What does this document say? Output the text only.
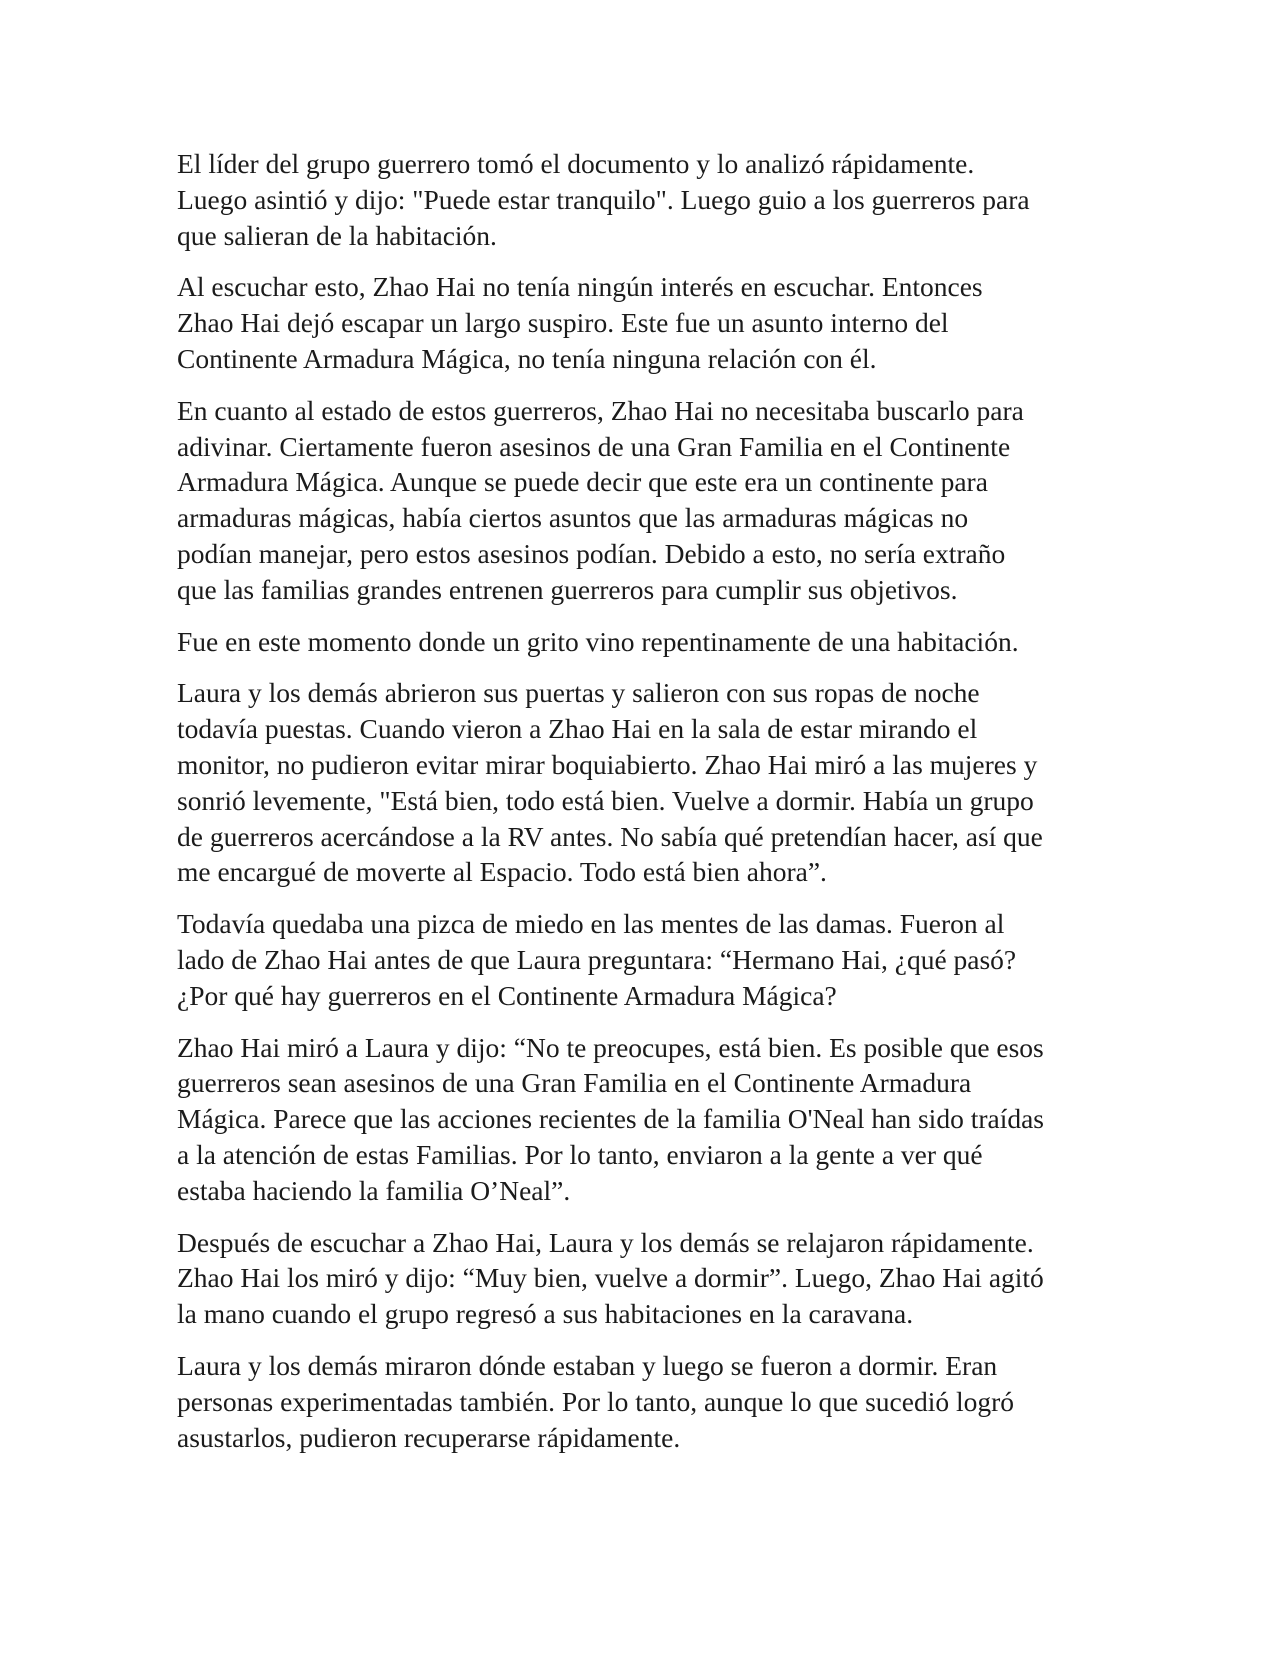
El líder del grupo guerrero tomó el documento y lo analizó rápidamente.
Luego asintió y dijo: "Puede estar tranquilo". Luego guio a los guerreros para
que salieran de la habitación.

Al escuchar esto, Zhao Hai no tenía ningún interés en escuchar. Entonces
Zhao Hai dejó escapar un largo suspiro. Este fue un asunto interno del
Continente Armadura Mágica, no tenía ninguna relación con él.

En cuanto al estado de estos guerreros, Zhao Hai no necesitaba buscarlo para
adivinar. Ciertamente fueron asesinos de una Gran Familia en el Continente
Armadura Mágica. Aunque se puede decir que este era un continente para
armaduras mágicas, había ciertos asuntos que las armaduras mágicas no
podían manejar, pero estos asesinos podían. Debido a esto, no sería extraño
que las familias grandes entrenen guerreros para cumplir sus objetivos.

Fue en este momento donde un grito vino repentinamente de una habitación.

Laura y los demás abrieron sus puertas y salieron con sus ropas de noche
todavía puestas. Cuando vieron a Zhao Hai en la sala de estar mirando el
monitor, no pudieron evitar mirar boquiabierto. Zhao Hai miró a las mujeres y
sonrió levemente, "Está bien, todo está bien. Vuelve a dormir. Había un grupo
de guerreros acercándose a la RV antes. No sabía qué pretendían hacer, así que
me encargué de moverte al Espacio. Todo está bien ahora”.

Todavía quedaba una pizca de miedo en las mentes de las damas. Fueron al
lado de Zhao Hai antes de que Laura preguntara: “Hermano Hai, ¿qué pasó?
¿Por qué hay guerreros en el Continente Armadura Mágica?

Zhao Hai miró a Laura y dijo: “No te preocupes, está bien. Es posible que esos
guerreros sean asesinos de una Gran Familia en el Continente Armadura
Mágica. Parece que las acciones recientes de la familia O'Neal han sido traídas
a la atención de estas Familias. Por lo tanto, enviaron a la gente a ver qué
estaba haciendo la familia O’Neal”.

Después de escuchar a Zhao Hai, Laura y los demás se relajaron rápidamente.
Zhao Hai los miró y dijo: “Muy bien, vuelve a dormir”. Luego, Zhao Hai agitó
la mano cuando el grupo regresó a sus habitaciones en la caravana.

Laura y los demás miraron dónde estaban y luego se fueron a dormir. Eran
personas experimentadas también. Por lo tanto, aunque lo que sucedió logró
asustarlos, pudieron recuperarse rápidamente.
